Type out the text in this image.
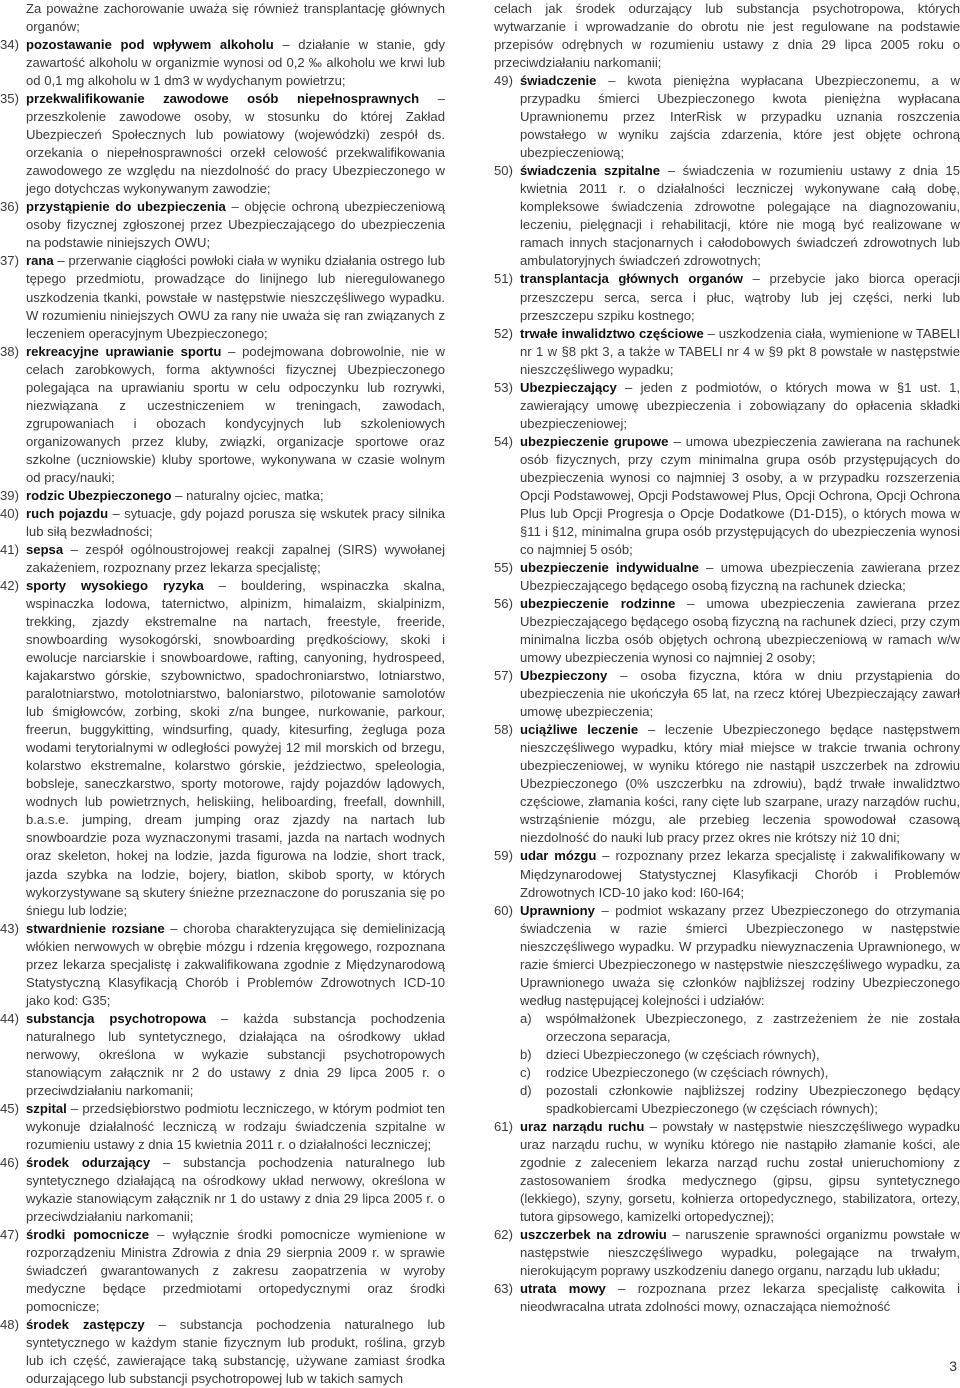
Za poważne zachorowanie uważa się również transplantację głównych organów;
34) pozostawanie pod wpływem alkoholu – działanie w stanie, gdy zawartość alkoholu w organizmie wynosi od 0,2 ‰ alkoholu we krwi lub od 0,1 mg alkoholu w 1 dm3 w wydychanym powietrzu;
35) przekwalifikowanie zawodowe osób niepełnosprawnych – przeszkolenie zawodowe osoby, w stosunku do której Zakład Ubezpieczeń Społecznych lub powiatowy (wojewódzki) zespół ds. orzekania o niepełnosprawności orzekł celowość przekwalifikowania zawodowego ze względu na niezdolność do pracy Ubezpieczonego w jego dotychczas wykonywanym zawodzie;
36) przystąpienie do ubezpieczenia – objęcie ochroną ubezpieczeniową osoby fizycznej zgłoszonej przez Ubezpieczającego do ubezpieczenia na podstawie niniejszych OWU;
37) rana – przerwanie ciągłości powłoki ciała w wyniku działania ostrego lub tępego przedmiotu, prowadzące do linijnego lub nieregulowanego uszkodzenia tkanki, powstałe w następstwie nieszczęśliwego wypadku. W rozumieniu niniejszych OWU za rany nie uważa się ran związanych z leczeniem operacyjnym Ubezpieczonego;
38) rekreacyjne uprawianie sportu – podejmowana dobrowolnie, nie w celach zarobkowych, forma aktywności fizycznej Ubezpieczonego polegająca na uprawianiu sportu w celu odpoczynku lub rozrywki, niezwiązana z uczestniczeniem w treningach, zawodach, zgrupowaniach i obozach kondycyjnych lub szkoleniowych organizowanych przez kluby, związki, organizacje sportowe oraz szkolne (uczniowskie) kluby sportowe, wykonywana w czasie wolnym od pracy/nauki;
39) rodzic Ubezpieczonego – naturalny ojciec, matka;
40) ruch pojazdu – sytuacje, gdy pojazd porusza się wskutek pracy silnika lub siłą bezwładności;
41) sepsa – zespół ogólnoustrojowej reakcji zapalnej (SIRS) wywołanej zakażeniem, rozpoznany przez lekarza specjalistę;
42) sporty wysokiego ryzyka – bouldering, wspinaczka skalna, wspinaczka lodowa, taternictwo, alpinizm, himalaizm, skialpinizm, trekking, zjazdy ekstremalne na nartach, freestyle, freeride, snowboarding wysokogórski, snowboarding prędkościowy, skoki i ewolucje narciarskie i snowboardowe, rafting, canyoning, hydrospeed, kajakarstwo górskie, szybownictwo, spadochroniarstwo, lotniarstwo, paralotniarstwo, motolotniarstwo, baloniarstwo, pilotowanie samolotów lub śmigłowców, zorbing, skoki z/na bungee, nurkowanie, parkour, freerun, buggykitting, windsurfing, quady, kitesurfing, żegluga poza wodami terytorialnymi w odległości powyżej 12 mil morskich od brzegu, kolarstwo ekstremalne, kolarstwo górskie, jeździectwo, speleologia, bobsleje, saneczkarstwo, sporty motorowe, rajdy pojazdów lądowych, wodnych lub powietrznych, heliskiing, heliboarding, freefall, downhill, b.a.s.e. jumping, dream jumping oraz zjazdy na nartach lub snowboardzie poza wyznaczonymi trasami, jazda na nartach wodnych oraz skeleton, hokej na lodzie, jazda figurowa na lodzie, short track, jazda szybka na lodzie, bojery, biatlon, skibob sporty, w których wykorzystywane są skutery śnieżne przeznaczone do poruszania się po śniegu lub lodzie;
43) stwardnienie rozsiane – choroba charakteryzująca się demielinizacją włókien nerwowych w obrębie mózgu i rdzenia kręgowego, rozpoznana przez lekarza specjalistę i zakwalifikowana zgodnie z Międzynarodową Statystyczną Klasyfikacją Chorób i Problemów Zdrowotnych ICD-10 jako kod: G35;
44) substancja psychotropowa – każda substancja pochodzenia naturalnego lub syntetycznego, działająca na ośrodkowy układ nerwowy, określona w wykazie substancji psychotropowych stanowiącym załącznik nr 2 do ustawy z dnia 29 lipca 2005 r. o przeciwdziałaniu narkomanii;
45) szpital – przedsiębiorstwo podmiotu leczniczego, w którym podmiot ten wykonuje działalność leczniczą w rodzaju świadczenia szpitalne w rozumieniu ustawy z dnia 15 kwietnia 2011 r. o działalności leczniczej;
46) środek odurzający – substancja pochodzenia naturalnego lub syntetycznego działającą na ośrodkowy układ nerwowy, określona w wykazie stanowiącym załącznik nr 1 do ustawy z dnia 29 lipca 2005 r. o przeciwdziałaniu narkomanii;
47) środki pomocnicze – wyłącznie środki pomocnicze wymienione w rozporządzeniu Ministra Zdrowia z dnia 29 sierpnia 2009 r. w sprawie świadczeń gwarantowanych z zakresu zaopatrzenia w wyroby medyczne będące przedmiotami ortopedycznymi oraz środki pomocnicze;
48) środek zastępczy – substancja pochodzenia naturalnego lub syntetycznego w każdym stanie fizycznym lub produkt, roślina, grzyb lub ich część, zawierające taką substancję, używane zamiast środka odurzającego lub substancji psychotropowej lub w takich samych
celach jak środek odurzający lub substancja psychotropowa, których wytwarzanie i wprowadzanie do obrotu nie jest regulowane na podstawie przepisów odrębnych w rozumieniu ustawy z dnia 29 lipca 2005 roku o przeciwdziałaniu narkomanii;
49) świadczenie – kwota pieniężna wypłacana Ubezpieczonemu, a w przypadku śmierci Ubezpieczonego kwota pieniężna wypłacana Uprawnionemu przez InterRisk w przypadku uznania roszczenia powstałego w wyniku zajścia zdarzenia, które jest objęte ochroną ubezpieczeniową;
50) świadczenia szpitalne – świadczenia w rozumieniu ustawy z dnia 15 kwietnia 2011 r. o działalności leczniczej wykonywane całą dobę, kompleksowe świadczenia zdrowotne polegające na diagnozowaniu, leczeniu, pielęgnacji i rehabilitacji, które nie mogą być realizowane w ramach innych stacjonarnych i całodobowych świadczeń zdrowotnych lub ambulatoryjnych świadczeń zdrowotnych;
51) transplantacja głównych organów – przebycie jako biorca operacji przeszczepu serca, serca i płuc, wątroby lub jej części, nerki lub przeszczepu szpiku kostnego;
52) trwałe inwalidztwo częściowe – uszkodzenia ciała, wymienione w TABELI nr 1 w §8 pkt 3, a także w TABELI nr 4 w §9 pkt 8 powstałe w następstwie nieszczęśliwego wypadku;
53) Ubezpieczający – jeden z podmiotów, o których mowa w §1 ust. 1, zawierający umowę ubezpieczenia i zobowiązany do opłacenia składki ubezpieczeniowej;
54) ubezpieczenie grupowe – umowa ubezpieczenia zawierana na rachunek osób fizycznych, przy czym minimalna grupa osób przystępujących do ubezpieczenia wynosi co najmniej 3 osoby, a w przypadku rozszerzenia Opcji Podstawowej, Opcji Podstawowej Plus, Opcji Ochrona, Opcji Ochrona Plus lub Opcji Progresja o Opcje Dodatkowe (D1-D15), o których mowa w §11 i §12, minimalna grupa osób przystępujących do ubezpieczenia wynosi co najmniej 5 osób;
55) ubezpieczenie indywidualne – umowa ubezpieczenia zawierana przez Ubezpieczającego będącego osobą fizyczną na rachunek dziecka;
56) ubezpieczenie rodzinne – umowa ubezpieczenia zawierana przez Ubezpieczającego będącego osobą fizyczną na rachunek dzieci, przy czym minimalna liczba osób objętych ochroną ubezpieczeniową w ramach w/w umowy ubezpieczenia wynosi co najmniej 2 osoby;
57) Ubezpieczony – osoba fizyczna, która w dniu przystąpienia do ubezpieczenia nie ukończyła 65 lat, na rzecz której Ubezpieczający zawarł umowę ubezpieczenia;
58) uciążliwe leczenie – leczenie Ubezpieczonego będące następstwem nieszczęśliwego wypadku, który miał miejsce w trakcie trwania ochrony ubezpieczeniowej, w wyniku którego nie nastąpił uszczerbek na zdrowiu Ubezpieczonego (0% uszczerbku na zdrowiu), bądź trwałe inwalidztwo częściowe, złamania kości, rany cięte lub szarpane, urazy narządów ruchu, wstrząśnienie mózgu, ale przebieg leczenia spowodował czasową niezdolność do nauki lub pracy przez okres nie krótszy niż 10 dni;
59) udar mózgu – rozpoznany przez lekarza specjalistę i zakwalifikowany w Międzynarodowej Statystycznej Klasyfikacji Chorób i Problemów Zdrowotnych ICD-10 jako kod: I60-I64;
60) Uprawniony – podmiot wskazany przez Ubezpieczonego do otrzymania świadczenia w razie śmierci Ubezpieczonego w następstwie nieszczęśliwego wypadku. W przypadku niewyznaczenia Uprawnionego, w razie śmierci Ubezpieczonego w następstwie nieszczęśliwego wypadku, za Uprawnionego uważa się członków najbliższej rodziny Ubezpieczonego według następującej kolejności i udziałów:
a) współmałżonek Ubezpieczonego, z zastrzeżeniem że nie została orzeczona separacja,
b) dzieci Ubezpieczonego (w częściach równych),
c) rodzice Ubezpieczonego (w częściach równych),
d) pozostali członkowie najbliższej rodziny Ubezpieczonego będący spadkobiercami Ubezpieczonego (w częściach równych);
61) uraz narządu ruchu – powstały w następstwie nieszczęśliwego wypadku uraz narządu ruchu, w wyniku którego nie nastąpiło złamanie kości, ale zgodnie z zaleceniem lekarza narząd ruchu został unieruchomiony z zastosowaniem środka medycznego (gipsu, gipsu syntetycznego (lekkiego), szyny, gorsetu, kołnierza ortopedycznego, stabilizatora, ortezy, tutora gipsowego, kamizelki ortopedycznej);
62) uszczerbek na zdrowiu – naruszenie sprawności organizmu powstałe w następstwie nieszczęśliwego wypadku, polegające na trwałym, nierokującym poprawy uszkodzeniu danego organu, narządu lub układu;
63) utrata mowy – rozpoznana przez lekarza specjalistę całkowita i nieodwracalna utrata zdolności mowy, oznaczająca niemożność
3
